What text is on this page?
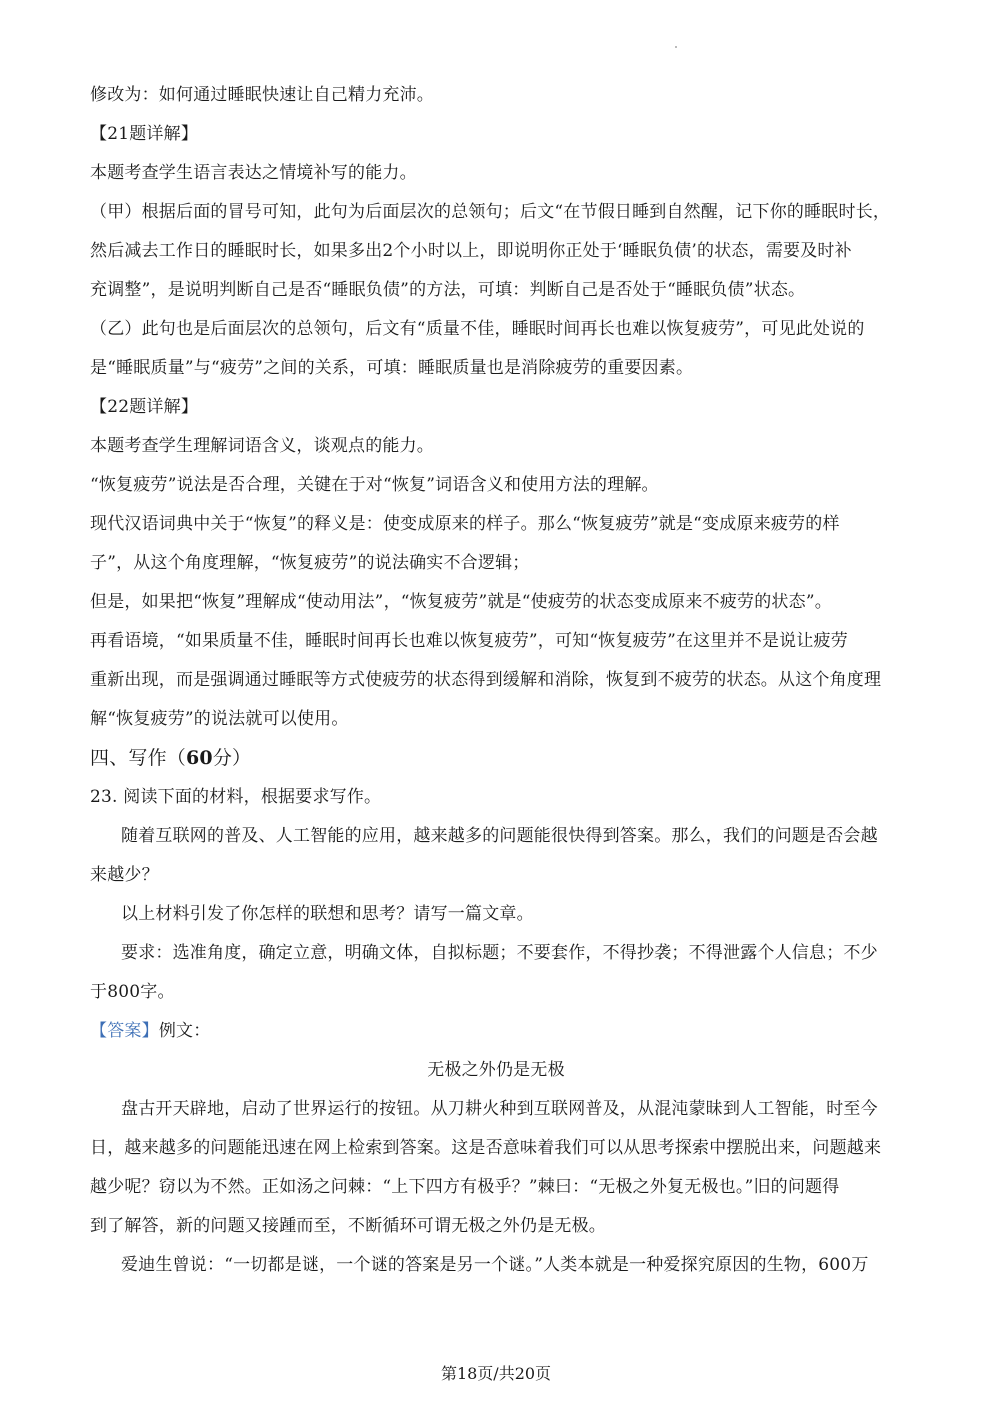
修改为：如何通过睡眠快速让自己精力充沛。
【21题详解】
本题考查学生语言表达之情境补写的能力。
（甲）根据后面的冒号可知，此句为后面层次的总领句；后文“在节假日睡到自然醒，记下你的睡眠时长，
然后减去工作日的睡眠时长，如果多出2个小时以上，即说明你正处于‘睡眠负债’的状态，需要及时补
充调整”，是说明判断自己是否“睡眠负债”的方法，可填：判断自己是否处于“睡眠负债”状态。
（乙）此句也是后面层次的总领句，后文有“质量不佳，睡眠时间再长也难以恢复疲劳”，可见此处说的
是“睡眠质量”与“疲劳”之间的关系，可填：睡眠质量也是消除疲劳的重要因素。
【22题详解】
本题考查学生理解词语含义，谈观点的能力。
“恢复疲劳”说法是否合理，关键在于对“恢复”词语含义和使用方法的理解。
现代汉语词典中关于“恢复”的释义是：使变成原来的样子。那么“恢复疲劳”就是“变成原来疲劳的样
子”，从这个角度理解，“恢复疲劳”的说法确实不合逻辑；
但是，如果把“恢复”理解成“使动用法”，“恢复疲劳”就是“使疲劳的状态变成原来不疲劳的状态”。
再看语境，“如果质量不佳，睡眠时间再长也难以恢复疲劳”，可知“恢复疲劳”在这里并不是说让疲劳
重新出现，而是强调通过睡眠等方式使疲劳的状态得到缓解和消除，恢复到不疲劳的状态。从这个角度理
解“恢复疲劳”的说法就可以使用。
四、写作（60分）
23. 阅读下面的材料，根据要求写作。
随着互联网的普及、人工智能的应用，越来越多的问题能很快得到答案。那么，我们的问题是否会越
来越少？
以上材料引发了你怎样的联想和思考？请写一篇文章。
要求：选准角度，确定立意，明确文体，自拟标题；不要套作，不得抄袭；不得泄露个人信息；不少
于800字。
【答案】例文：
无极之外仍是无极
盘古开天辟地，启动了世界运行的按钮。从刀耕火种到互联网普及，从混沌蒙昧到人工智能，时至今
日，越来越多的问题能迅速在网上检索到答案。这是否意味着我们可以从思考探索中摆脱出来，问题越来
越少呢？窃以为不然。正如汤之问棘：“上下四方有极乎？”棘曰：“无极之外复无极也。”旧的问题得
到了解答，新的问题又接踵而至，不断循环可谓无极之外仍是无极。
爱迪生曾说：“一切都是谜，一个谜的答案是另一个谜。”人类本就是一种爱探究原因的生物，600万
第18页/共20页
